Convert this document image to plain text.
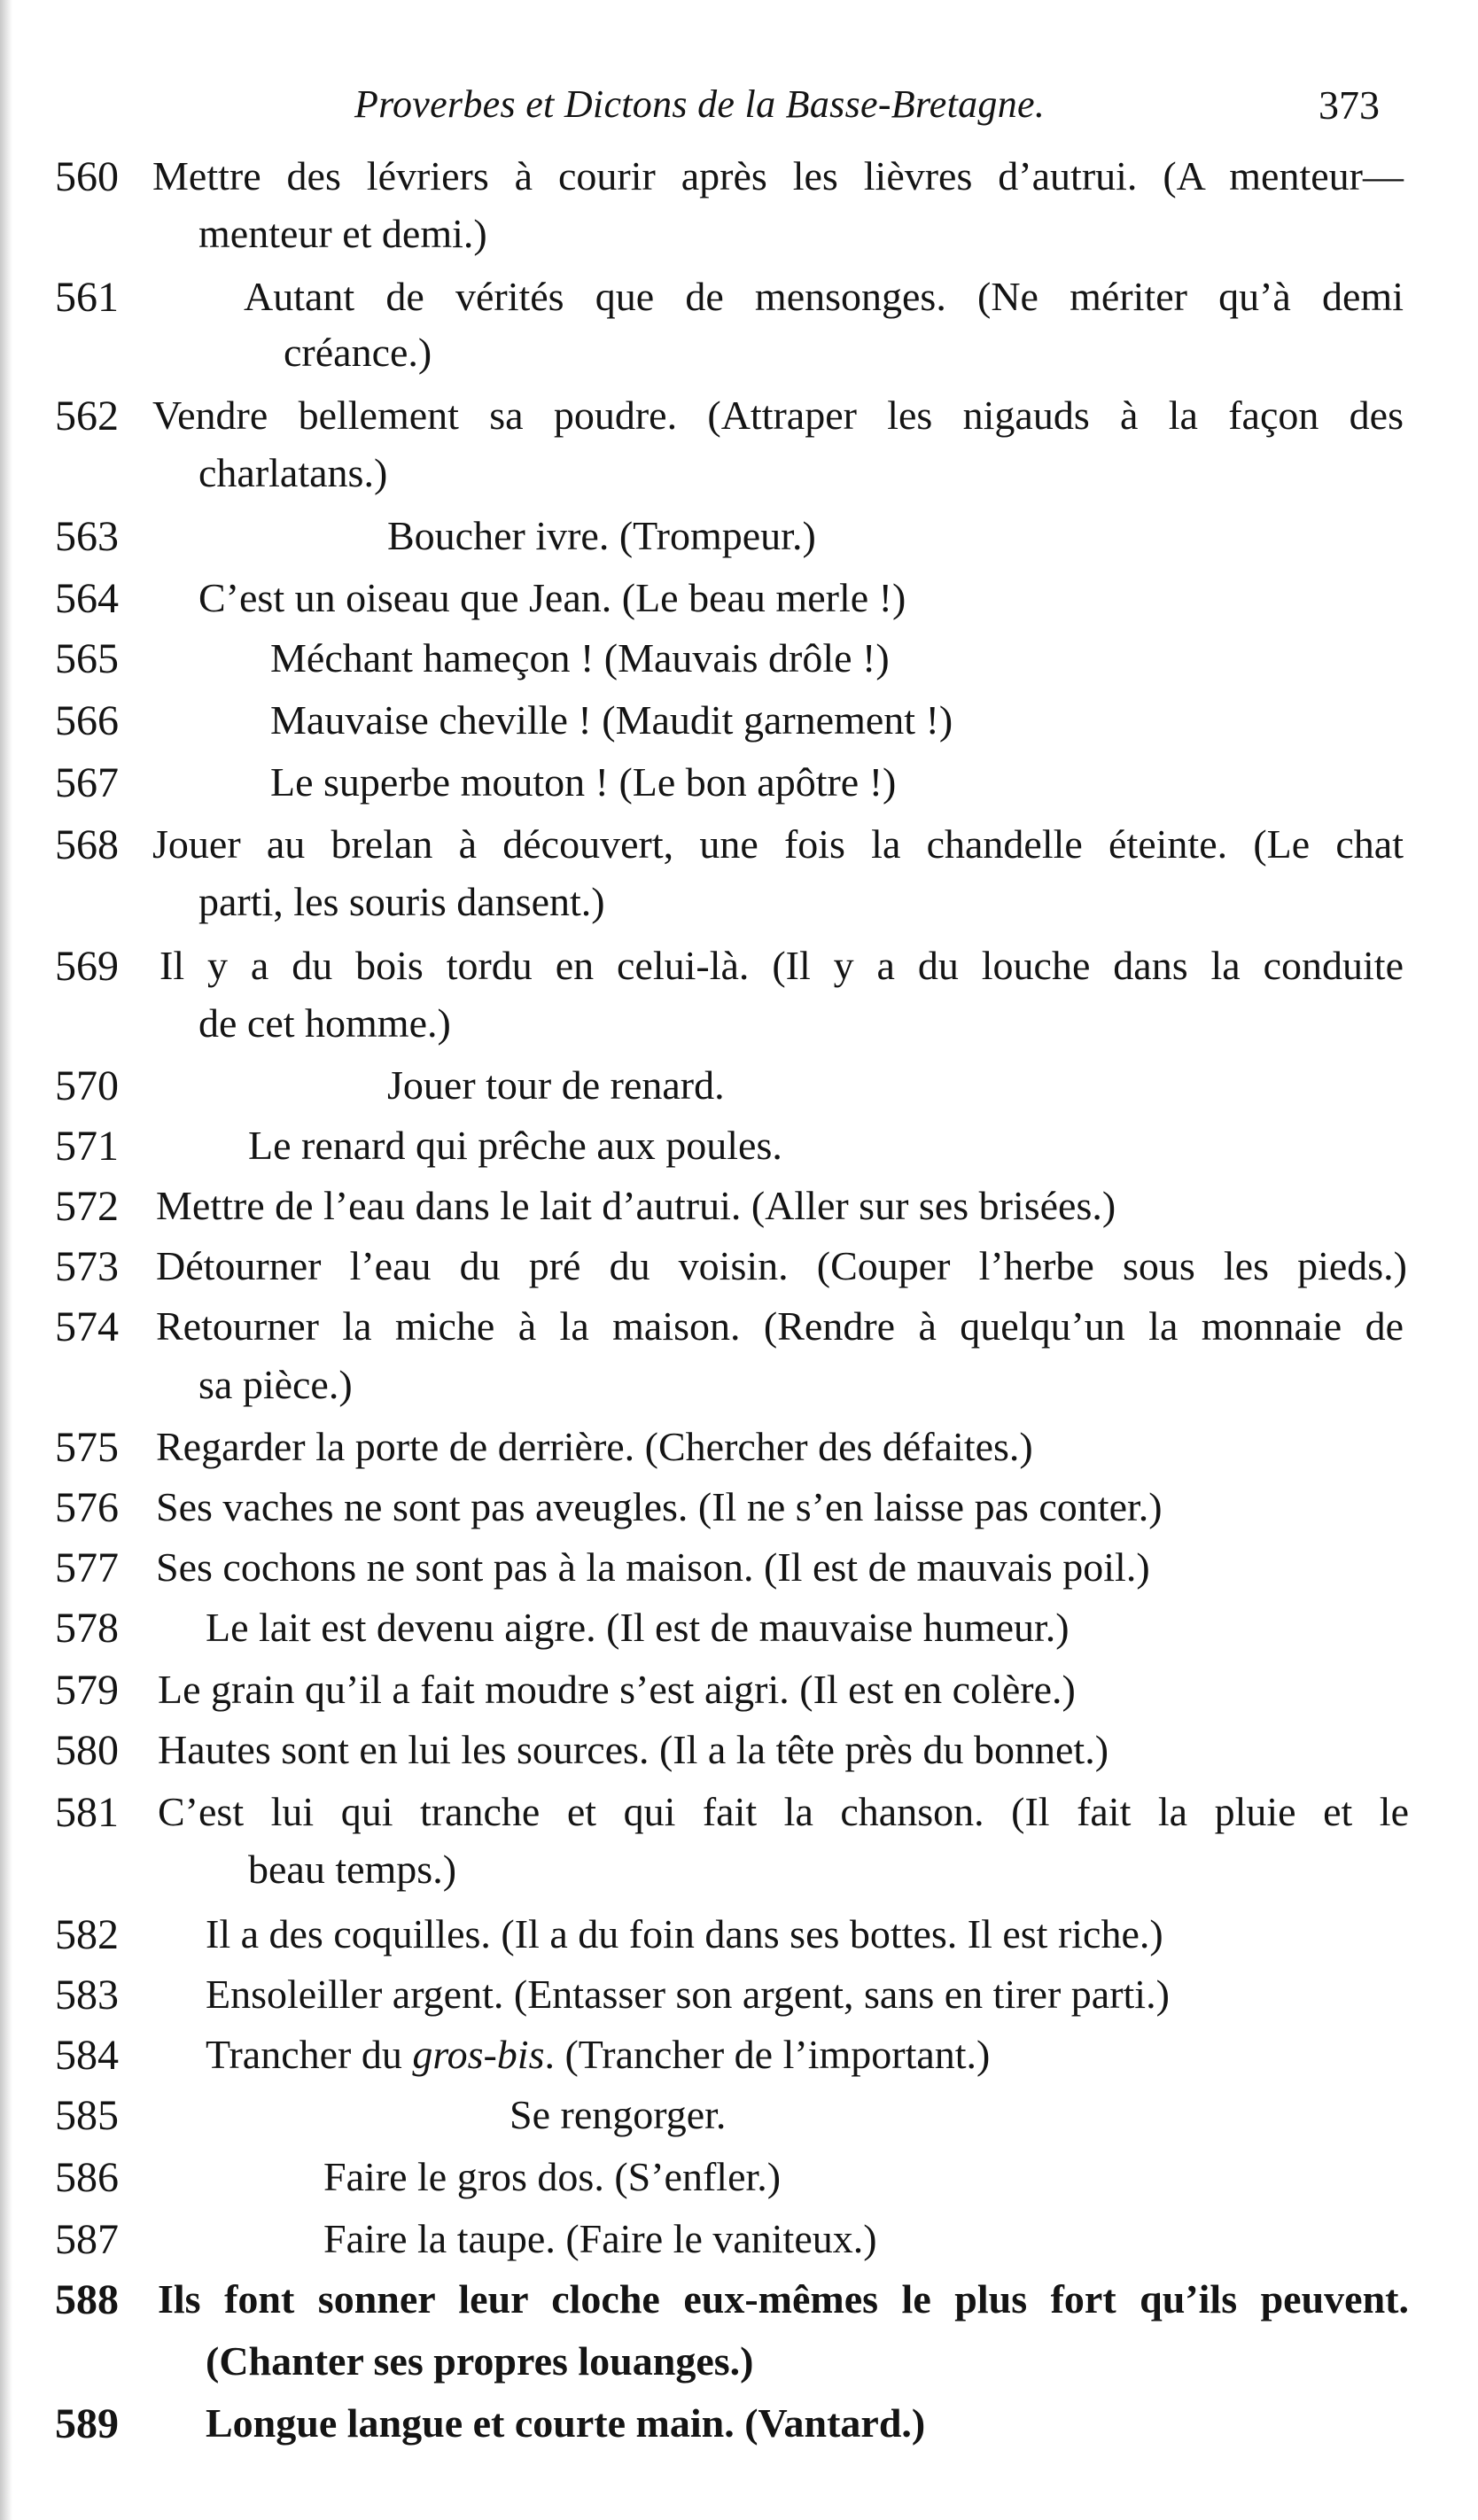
Proverbes et Dictons de la Basse-Bretagne.	373
560 Mettre des lévriers à courir après les lièvres d’autrui. (A menteur—
menteur et demi.)
561	Autant de vérités que de mensonges. (Ne mériter qu’à demi
créance.)
562 Vendre bellement sa poudre. (Attraper les nigauds à la façon des
charlatans.)
563	Boucher ivre. (Trompeur.)
564 C’est un oiseau que Jean. (Le beau merle !)
565	Méchant hameçon ! (Mauvais drôle !)
566	Mauvaise cheville ! (Maudit garnement !)
567	Le superbe mouton ! (Le bon apôtre !)
568 Jouer au brelan à découvert, une fois la chandelle éteinte. (Le chat
parti, les souris dansent.)
569 Il y a du bois tordu en celui-là. (Il y a du louche dans la conduite
de cet homme.)
570	Jouer tour de renard.
571	Le renard qui prêche aux poules.
572 Mettre de l’eau dans le lait d’autrui. (Aller sur ses brisées.)
573 Détourner l’eau du pré du voisin. (Couper l’herbe sous les pieds.)
574 Retourner la miche à la maison. (Rendre à quelqu’un la monnaie de
sa pièce.)
575 Regarder la porte de derrière. (Chercher des défaites.)
576 Ses vaches ne sont pas aveugles. (Il ne s’en laisse pas conter.)
577 Ses cochons ne sont pas à la maison. (Il est de mauvais poil.)
578 Le lait est devenu aigre. (Il est de mauvaise humeur.)
579 Le grain qu’il a fait moudre s’est aigri. (Il est en colère.)
580 Hautes sont en lui les sources. (Il a la tête près du bonnet.)
581 C’est lui qui tranche et qui fait la chanson. (Il fait la pluie et le
beau temps.)
582 Il a des coquilles. (Il a du foin dans ses bottes. Il est riche.)
583 Ensoleiller argent. (Entasser son argent, sans en tirer parti.)
584 Trancher du gros-bis. (Trancher de l’important.)
585	Se rengorger.
586	Faire le gros dos. (S’enfler.)
587	Faire la taupe. (Faire le vaniteux.)
588 Ils font sonner leur cloche eux-mêmes le plus fort qu’ils peuvent.
(Chanter ses propres louanges.)
589 Longue langue et courte main. (Vantard.)
